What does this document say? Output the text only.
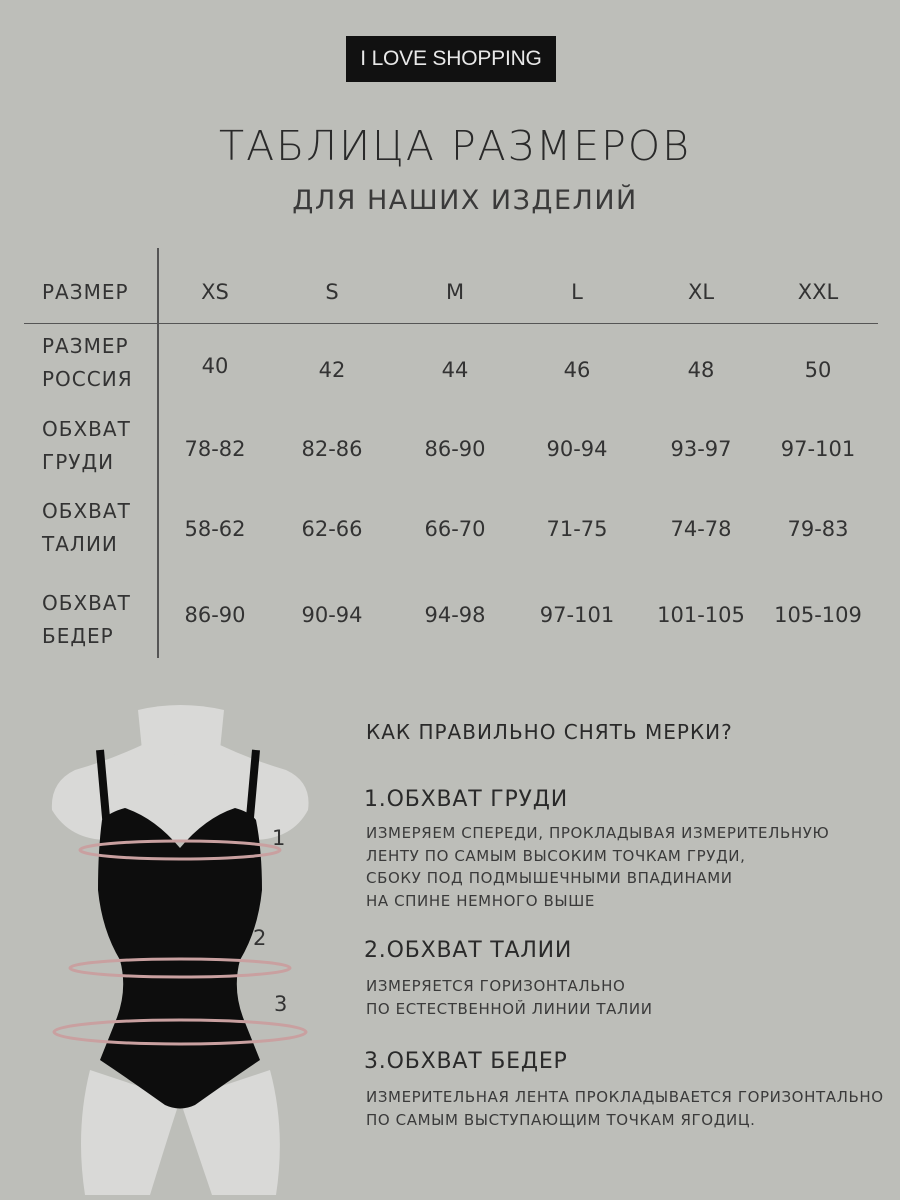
I LOVE SHOPPING
ТАБЛИЦА РАЗМЕРОВ
ДЛЯ НАШИХ ИЗДЕЛИЙ
РАЗМЕР	XS	S	M	L	XL	XXL
РАЗМЕР
РОССИЯ
40	42	44	46	48	50
ОБХВАТ
ГРУДИ
78-82	82-86	86-90	90-94	93-97	97-101
ОБХВАТ
ТАЛИИ
58-62	62-66	66-70	71-75	74-78	79-83
ОБХВАТ
БЕДЕР
86-90	90-94	94-98	97-101	101-105	105-109
1
2
3
КАК ПРАВИЛЬНО СНЯТЬ МЕРКИ?
1.ОБХВАТ ГРУДИ
ИЗМЕРЯЕМ СПЕРЕДИ, ПРОКЛАДЫВАЯ ИЗМЕРИТЕЛЬНУЮ
ЛЕНТУ ПО САМЫМ ВЫСОКИМ ТОЧКАМ ГРУДИ,
СБОКУ ПОД ПОДМЫШЕЧНЫМИ ВПАДИНАМИ
НА СПИНЕ НЕМНОГО ВЫШЕ
2.ОБХВАТ ТАЛИИ
ИЗМЕРЯЕТСЯ ГОРИЗОНТАЛЬНО
ПО ЕСТЕСТВЕННОЙ ЛИНИИ ТАЛИИ
3.ОБХВАТ БЕДЕР
ИЗМЕРИТЕЛЬНАЯ ЛЕНТА ПРОКЛАДЫВАЕТСЯ ГОРИЗОНТАЛЬНО
ПО САМЫМ ВЫСТУПАЮЩИМ ТОЧКАМ ЯГОДИЦ.
